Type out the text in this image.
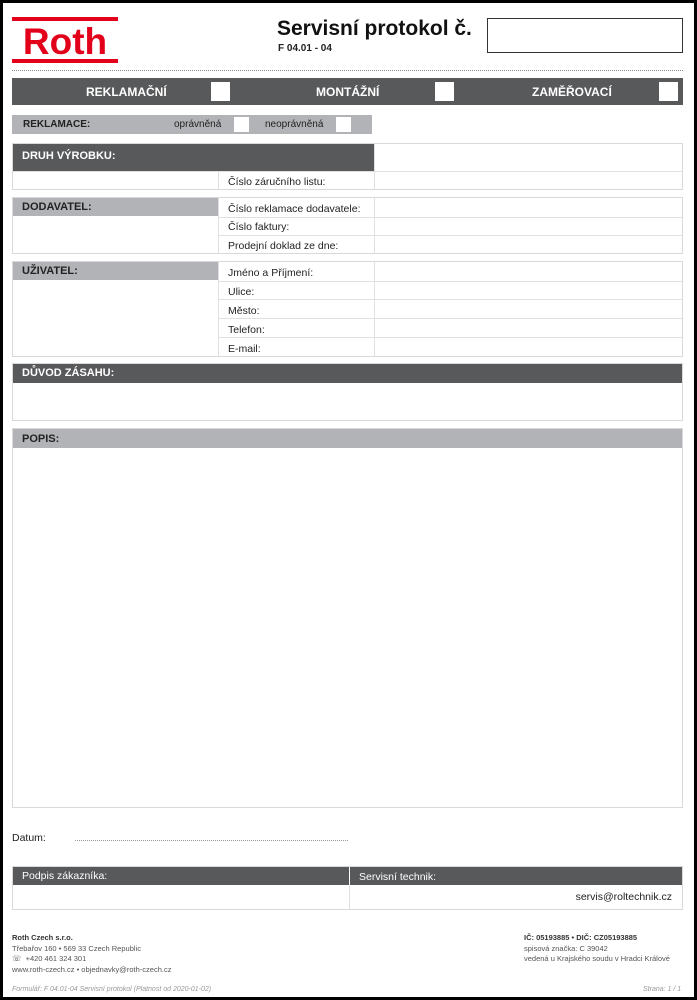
Roth	Servisní protokol č.
F 04.01 - 04
REKLAMAČNÍ	MONTÁŽNÍ	ZAMĚŘOVACÍ
REKLAMACE:	oprávněná	neoprávněná
DRUH VÝROBKU:
Číslo záručního listu:
DODAVATEL:	Číslo reklamace dodavatele:
Číslo faktury:
Prodejní doklad ze dne:
UŽIVATEL:	Jméno a Příjmení:
Ulice:
Město:
Telefon:
E-mail:
DŮVOD ZÁSAHU:
POPIS:
Datum:
Podpis zákazníka:	Servisní technik:
servis@roltechnik.cz
Roth Czech s.r.o.
Třebařov 160 • 569 33 Czech Republic
☏ +420 461 324 301
www.roth-czech.cz • objednavky@roth-czech.cz
IČ: 05193885 • DIČ: CZ05193885
spisová značka: C 39042
vedená u Krajského soudu v Hradci Králové
Formulář: F 04.01-04 Servisní protokol (Platnost od 2020-01-02)	Strana: 1 / 1
